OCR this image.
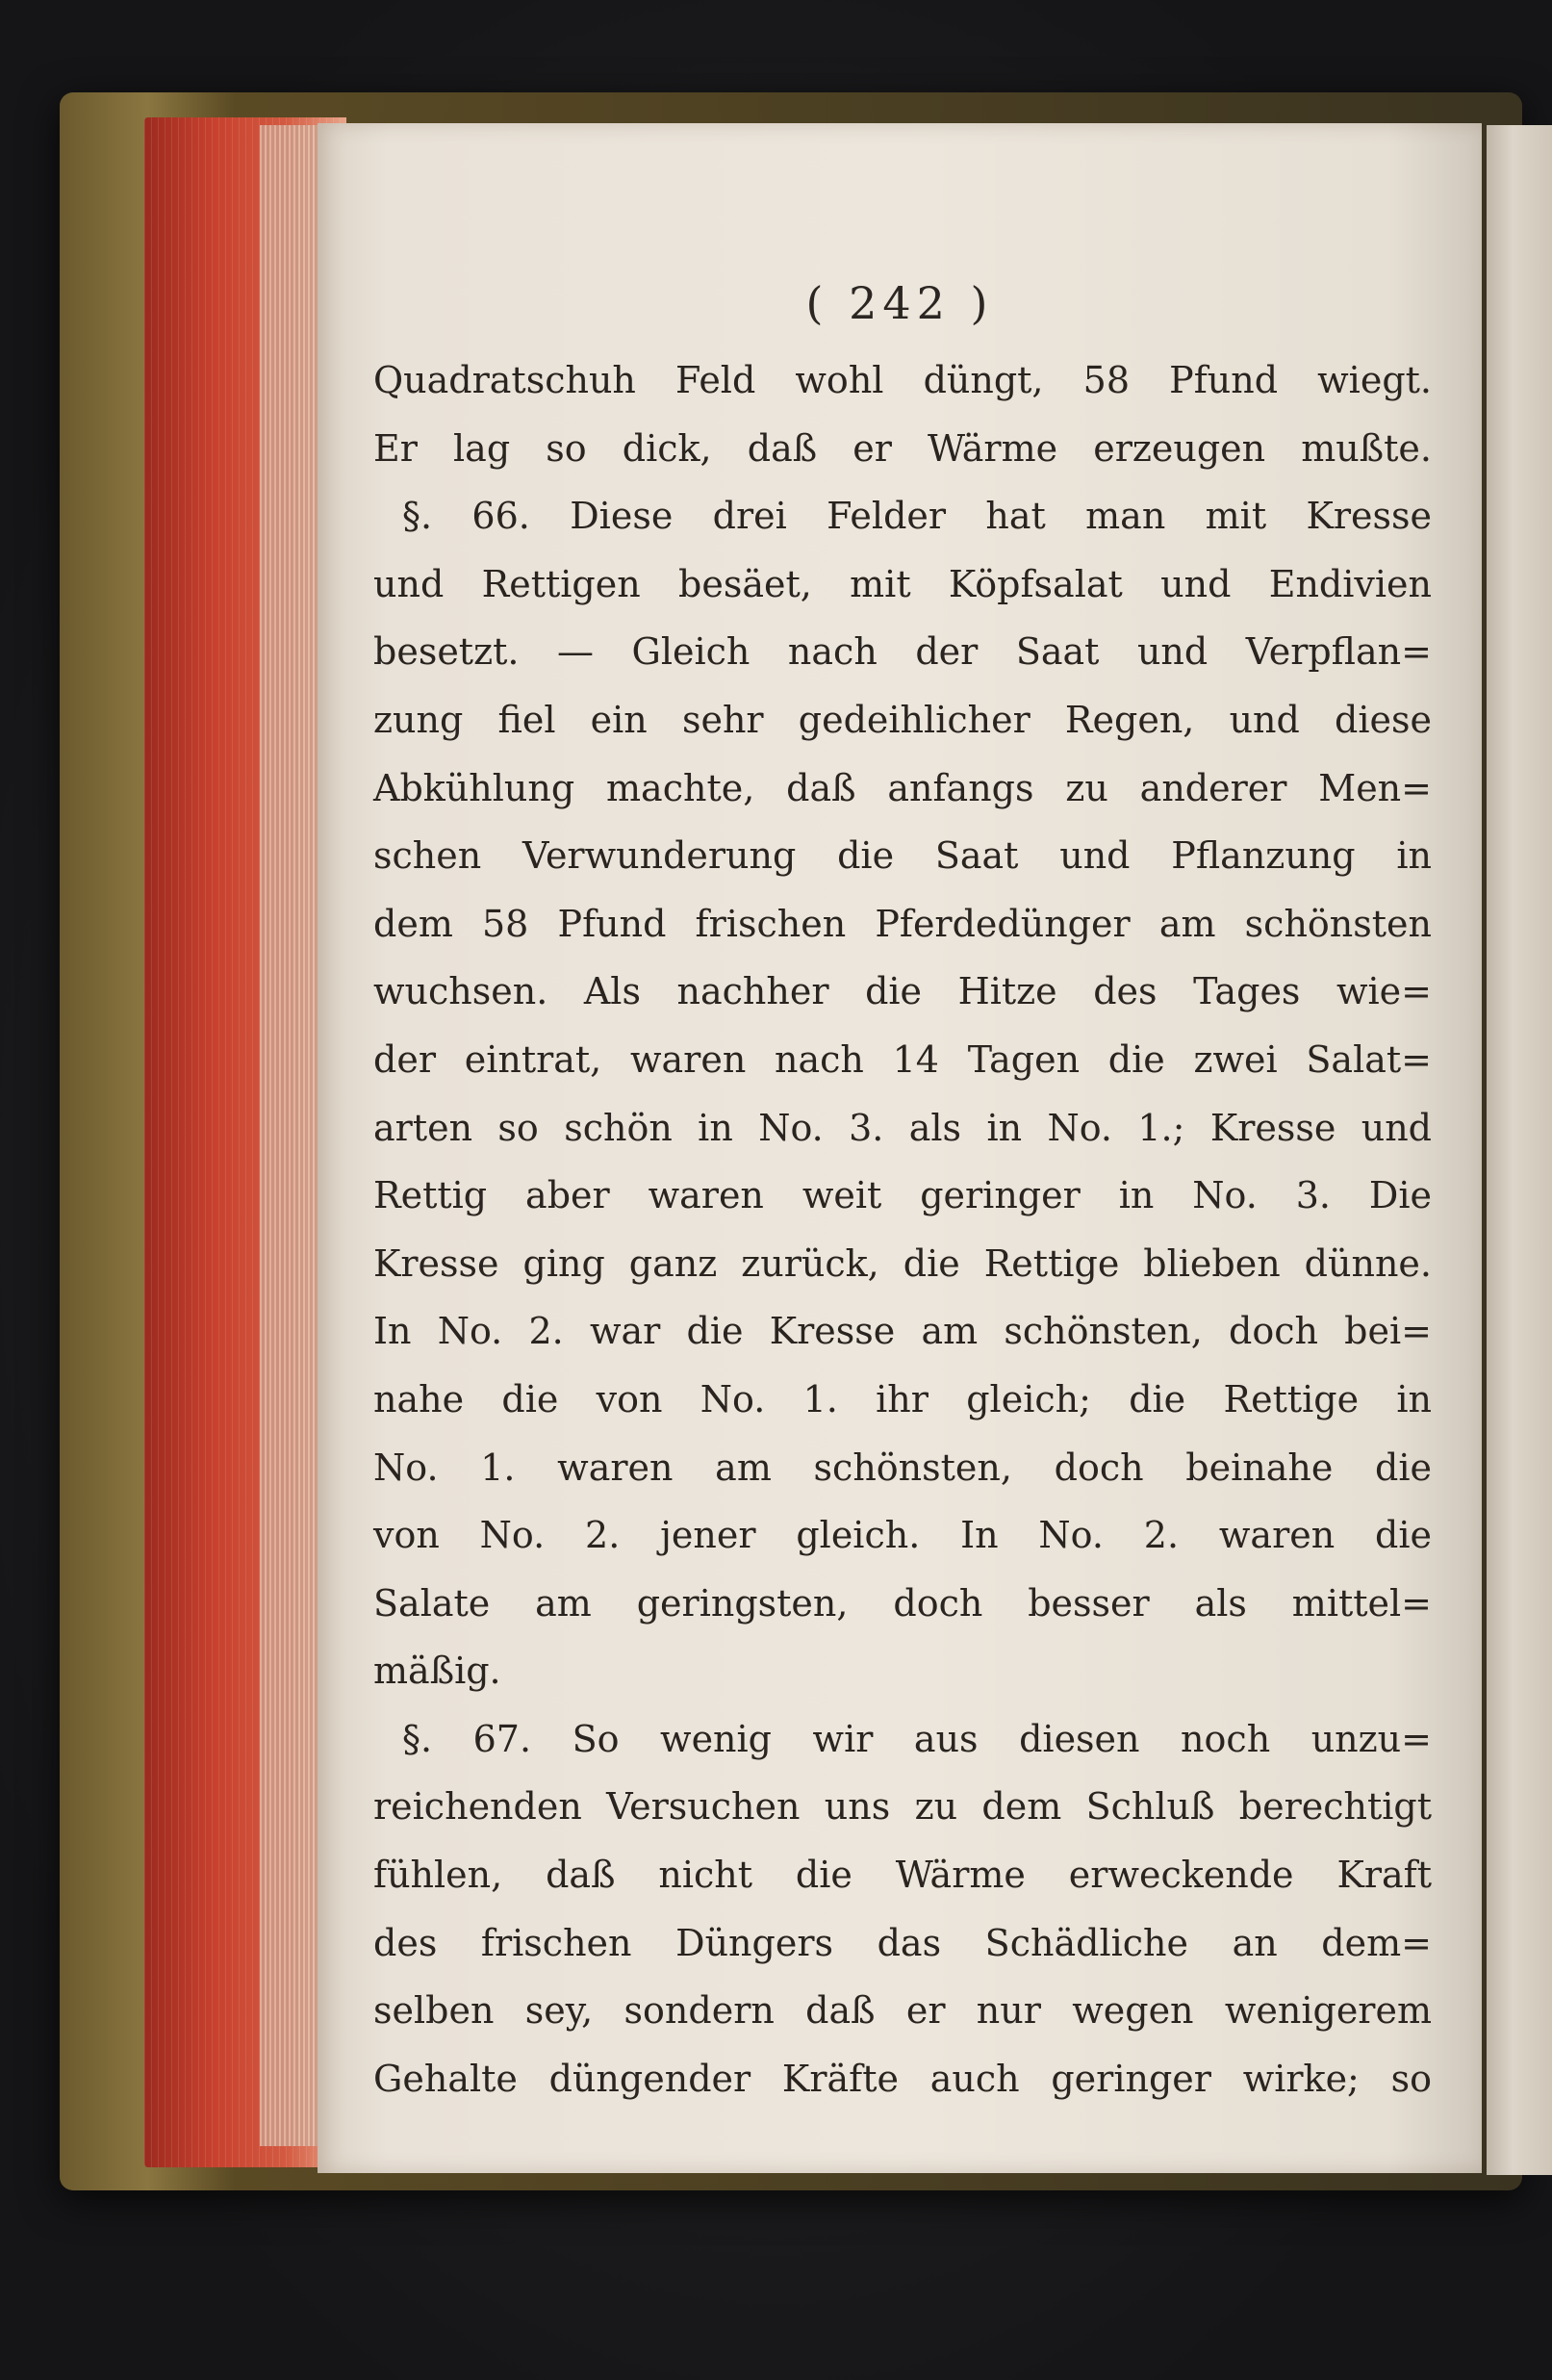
( 242 )
Quadratschuh Feld wohl düngt, 58 Pfund wiegt.
Er lag so dick, daß er Wärme erzeugen mußte.
§. 66. Diese drei Felder hat man mit Kresse
und Rettigen besäet, mit Köpfsalat und Endivien
besetzt. — Gleich nach der Saat und Verpflan=
zung fiel ein sehr gedeihlicher Regen, und diese
Abkühlung machte, daß anfangs zu anderer Men=
schen Verwunderung die Saat und Pflanzung in
dem 58 Pfund frischen Pferdedünger am schönsten
wuchsen. Als nachher die Hitze des Tages wie=
der eintrat, waren nach 14 Tagen die zwei Salat=
arten so schön in No. 3. als in No. 1.; Kresse und
Rettig aber waren weit geringer in No. 3. Die
Kresse ging ganz zurück, die Rettige blieben dünne.
In No. 2. war die Kresse am schönsten, doch bei=
nahe die von No. 1. ihr gleich; die Rettige in
No. 1. waren am schönsten, doch beinahe die
von No. 2. jener gleich. In No. 2. waren die
Salate am geringsten, doch besser als mittel=
mäßig.
§. 67. So wenig wir aus diesen noch unzu=
reichenden Versuchen uns zu dem Schluß berechtigt
fühlen, daß nicht die Wärme erweckende Kraft
des frischen Düngers das Schädliche an dem=
selben sey, sondern daß er nur wegen wenigerem
Gehalte düngender Kräfte auch geringer wirke; so
